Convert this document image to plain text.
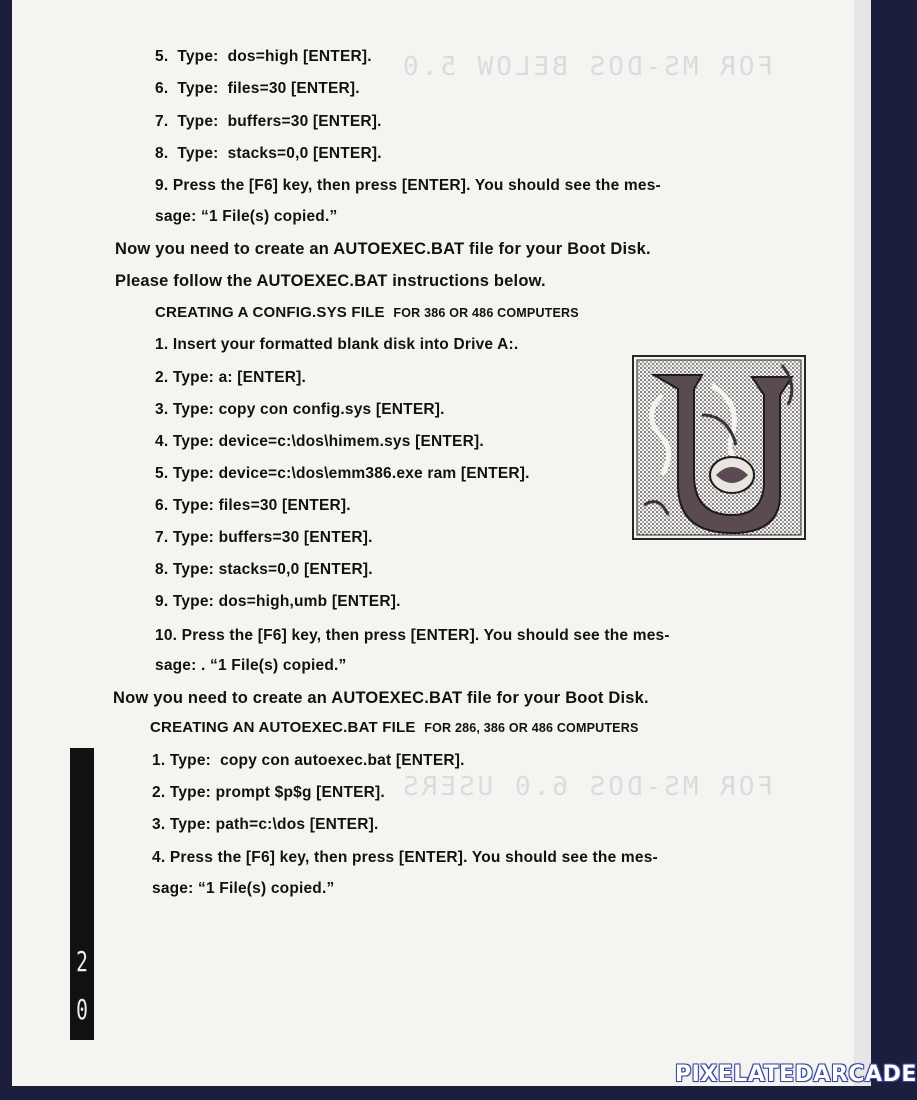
FOR MS-DOS BELOW 5.0
FOR MS-DOS 6.0 USERS
5. Type: dos=high [ENTER].
6. Type: files=30 [ENTER].
7. Type: buffers=30 [ENTER].
8. Type: stacks=0,0 [ENTER].
9. Press the [F6] key, then press [ENTER]. You should see the mes-
sage: “1 File(s) copied.”
Now you need to create an AUTOEXEC.BAT file for your Boot Disk.
Please follow the AUTOEXEC.BAT instructions below.
CREATING A CONFIG.SYS FILE FOR 386 OR 486 COMPUTERS
1. Insert your formatted blank disk into Drive A:.
2. Type: a: [ENTER].
3. Type: copy con config.sys [ENTER].
4. Type: device=c:\dos\himem.sys [ENTER].
5. Type: device=c:\dos\emm386.exe ram [ENTER].
6. Type: files=30 [ENTER].
7. Type: buffers=30 [ENTER].
8. Type: stacks=0,0 [ENTER].
9. Type: dos=high,umb [ENTER].
10. Press the [F6] key, then press [ENTER]. You should see the mes-
sage: . “1 File(s) copied.”
Now you need to create an AUTOEXEC.BAT file for your Boot Disk.
CREATING AN AUTOEXEC.BAT FILE FOR 286, 386 OR 486 COMPUTERS
1. Type: copy con autoexec.bat [ENTER].
2. Type: prompt $p$g [ENTER].
3. Type: path=c:\dos [ENTER].
4. Press the [F6] key, then press [ENTER]. You should see the mes-
sage: “1 File(s) copied.”
2
0
PIXELATEDARCADE
